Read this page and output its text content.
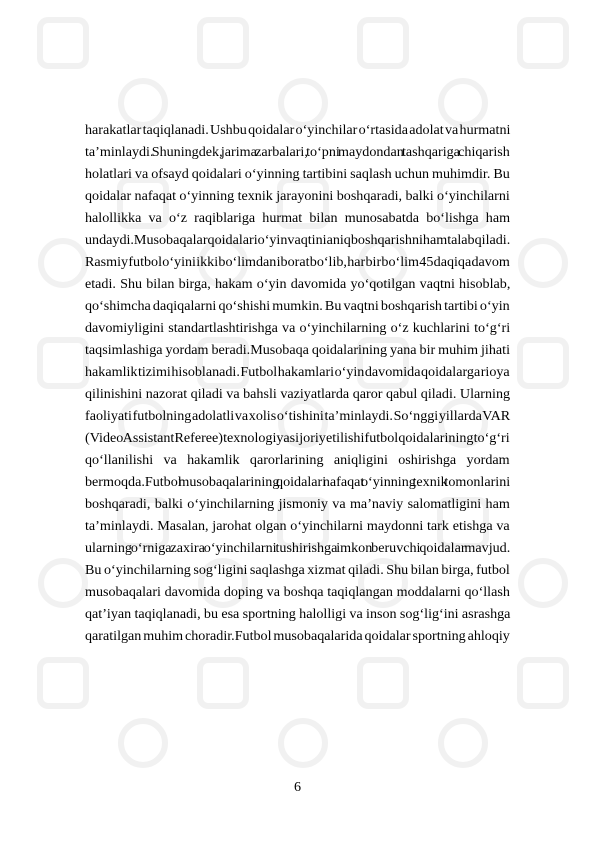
harakatlar taqiqlanadi. Ushbu qoidalar o‘yinchilar o‘rtasida adolat va hurmatni
ta’minlaydi. Shuningdek, jarima zarbalari, to‘pni maydondan tashqariga chiqarish
holatlari va ofsayd qoidalari o‘yinning tartibini saqlash uchun muhimdir. Bu
qoidalar nafaqat o‘yinning texnik jarayonini boshqaradi, balki o‘yinchilarni
halollikka va o‘z raqiblariga hurmat bilan munosabatda bo‘lishga ham
undaydi.Musobaqalar qoidalari o‘yin vaqtini aniq boshqarishni ham talab qiladi.
Rasmiy futbol o‘yini ikki bo‘limdan iborat bo‘lib, har bir bo‘lim 45 daqiqa davom
etadi. Shu bilan birga, hakam o‘yin davomida yo‘qotilgan vaqtni hisoblab,
qo‘shimcha daqiqalarni qo‘shishi mumkin. Bu vaqtni boshqarish tartibi o‘yin
davomiyligini standartlashtirishga va o‘yinchilarning o‘z kuchlarini to‘g‘ri
taqsimlashiga yordam beradi.Musobaqa qoidalarining yana bir muhim jihati
hakamlik tizimi hisoblanadi. Futbol hakamlari o‘yin davomida qoidalarga rioya
qilinishini nazorat qiladi va bahsli vaziyatlarda qaror qabul qiladi. Ularning
faoliyati futbolning adolatli va xolis o‘tishini ta’minlaydi. So‘nggi yillarda VAR
(Video Assistant Referee) texnologiyasi joriy etilishi futbol qoidalarining to‘g‘ri
qo‘llanilishi va hakamlik qarorlarining aniqligini oshirishga yordam
bermoqda.Futbol musobaqalarining qoidalari nafaqat o‘yinning texnik tomonlarini
boshqaradi, balki o‘yinchilarning jismoniy va ma’naviy salomatligini ham
ta’minlaydi. Masalan, jarohat olgan o‘yinchilarni maydonni tark etishga va
ularning o‘rniga zaxira o‘yinchilarni tushirishga imkon beruvchi qoidalar mavjud.
Bu o‘yinchilarning sog‘ligini saqlashga xizmat qiladi. Shu bilan birga, futbol
musobaqalari davomida doping va boshqa taqiqlangan moddalarni qo‘llash
qat’iyan taqiqlanadi, bu esa sportning halolligi va inson sog‘lig‘ini asrashga
qaratilgan muhim choradir.Futbol musobaqalarida qoidalar sportning ahloqiy
6
